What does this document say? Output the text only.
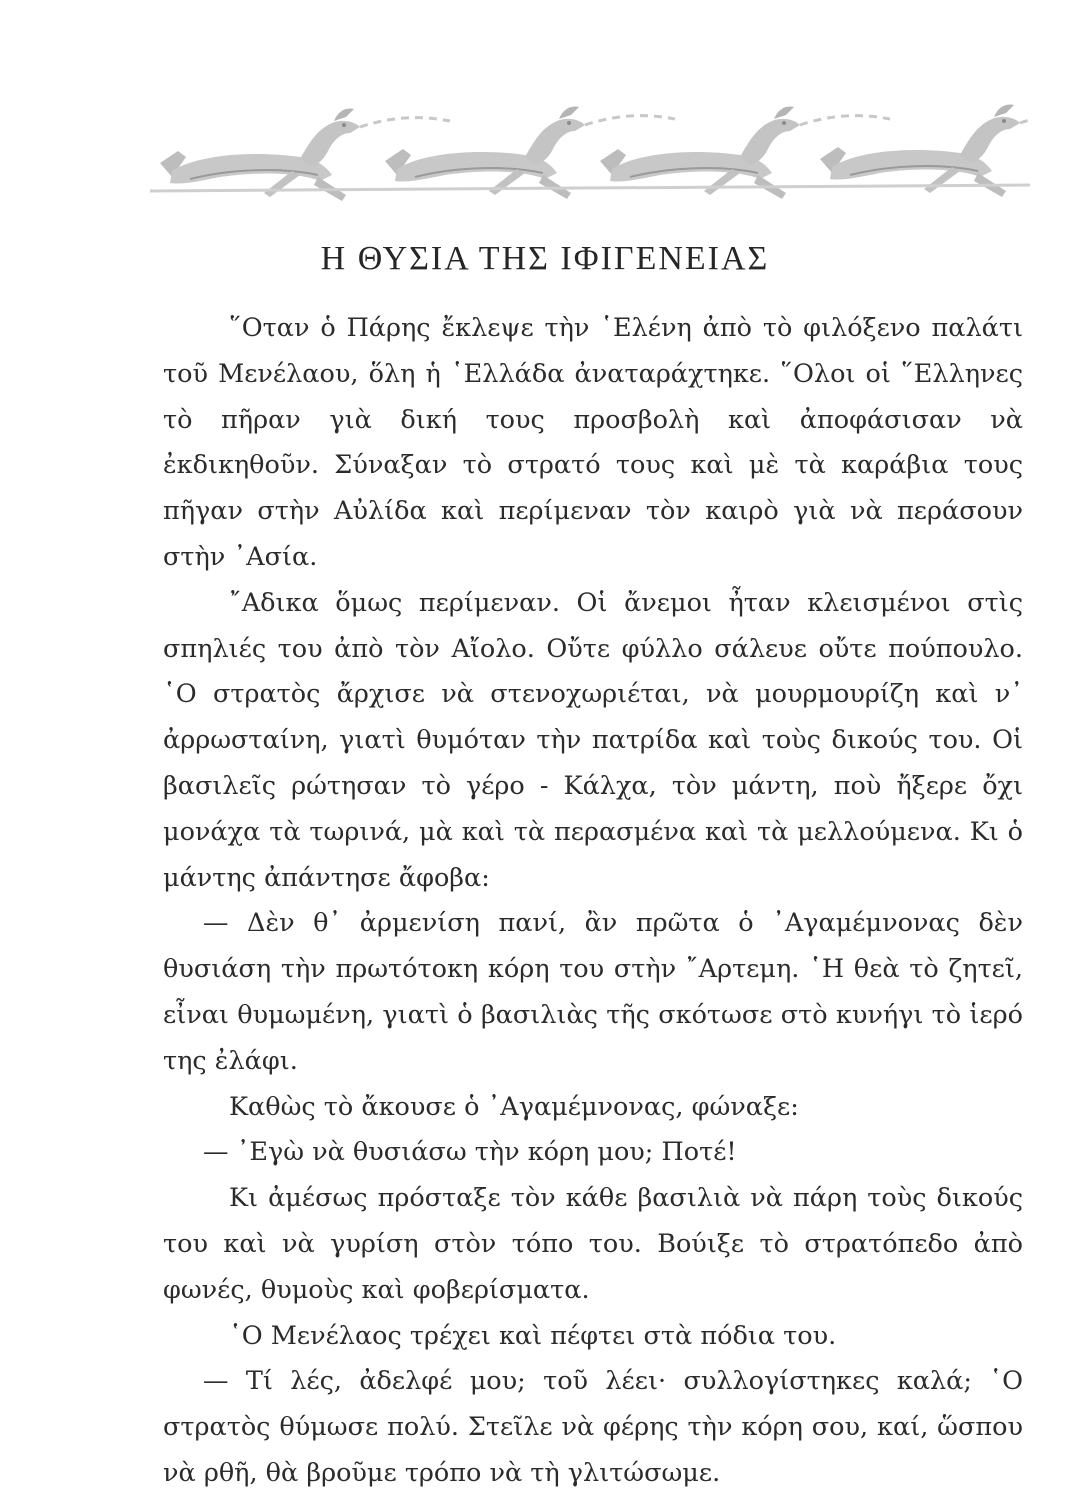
Η ΘΥΣΙΑ ΤΗΣ ΙΦΙΓΕΝΕΙΑΣ

῞Οταν ὁ Πάρης ἔκλεψε τὴν ῾Ελένη ἀπὸ τὸ φιλόξενο παλάτι τοῦ Μενέλαου, ὅλη ἡ ῾Ελλάδα ἀναταράχτηκε. ῞Ολοι οἱ ῞Ελληνες τὸ πῆραν γιὰ δική τους προσβολὴ καὶ ἀποφάσισαν νὰ ἐκδικηθοῦν. Σύναξαν τὸ στρατό τους καὶ μὲ τὰ καράβια τους πῆγαν στὴν Αὐλίδα καὶ περίμεναν τὸν καιρὸ γιὰ νὰ περάσουν στὴν ᾿Ασία.

῎Αδικα ὅμως περίμεναν. Οἱ ἄνεμοι ἦταν κλεισμένοι στὶς σπηλιές του ἀπὸ τὸν Αἴολο. Οὔτε φύλλο σάλευε οὔτε πούπουλο. ῾Ο στρατὸς ἄρχισε νὰ στενοχωριέται, νὰ μουρμουρίζη καὶ ν᾿ ἀρρωσταίνη, γιατὶ θυμόταν τὴν πατρίδα καὶ τοὺς δικούς του. Οἱ βασιλεῖς ρώτησαν τὸ γέρο - Κάλχα, τὸν μάντη, ποὺ ἤξερε ὄχι μονάχα τὰ τωρινά, μὰ καὶ τὰ περασμένα καὶ τὰ μελλούμενα. Κι ὁ μάντης ἀπάντησε ἄφοβα:

— Δὲν θ᾿ ἀρμενίση πανί, ἂν πρῶτα ὁ ᾿Αγαμέμνονας δὲν θυσιάση τὴν πρωτότοκη κόρη του στὴν ῎Αρτεμη. ῾Η θεὰ τὸ ζητεῖ, εἶναι θυμωμένη, γιατὶ ὁ βασιλιὰς τῆς σκότωσε στὸ κυνήγι τὸ ἱερό της ἐλάφι.

Καθὼς τὸ ἄκουσε ὁ ᾿Αγαμέμνονας, φώναξε:

— ᾿Εγὼ νὰ θυσιάσω τὴν κόρη μου; Ποτέ!

Κι ἀμέσως πρόσταξε τὸν κάθε βασιλιὰ νὰ πάρη τοὺς δικούς του καὶ νὰ γυρίση στὸν τόπο του. Βούιξε τὸ στρατόπεδο ἀπὸ φωνές, θυμοὺς καὶ φοβερίσματα.

῾Ο Μενέλαος τρέχει καὶ πέφτει στὰ πόδια του.

— Τί λές, ἀδελφέ μου; τοῦ λέει· συλλογίστηκες καλά; ῾Ο στρατὸς θύμωσε πολύ. Στεῖλε νὰ φέρης τὴν κόρη σου, καί, ὥσπου νὰ ρθῆ, θὰ βροῦμε τρόπο νὰ τὴ γλιτώσωμε.
